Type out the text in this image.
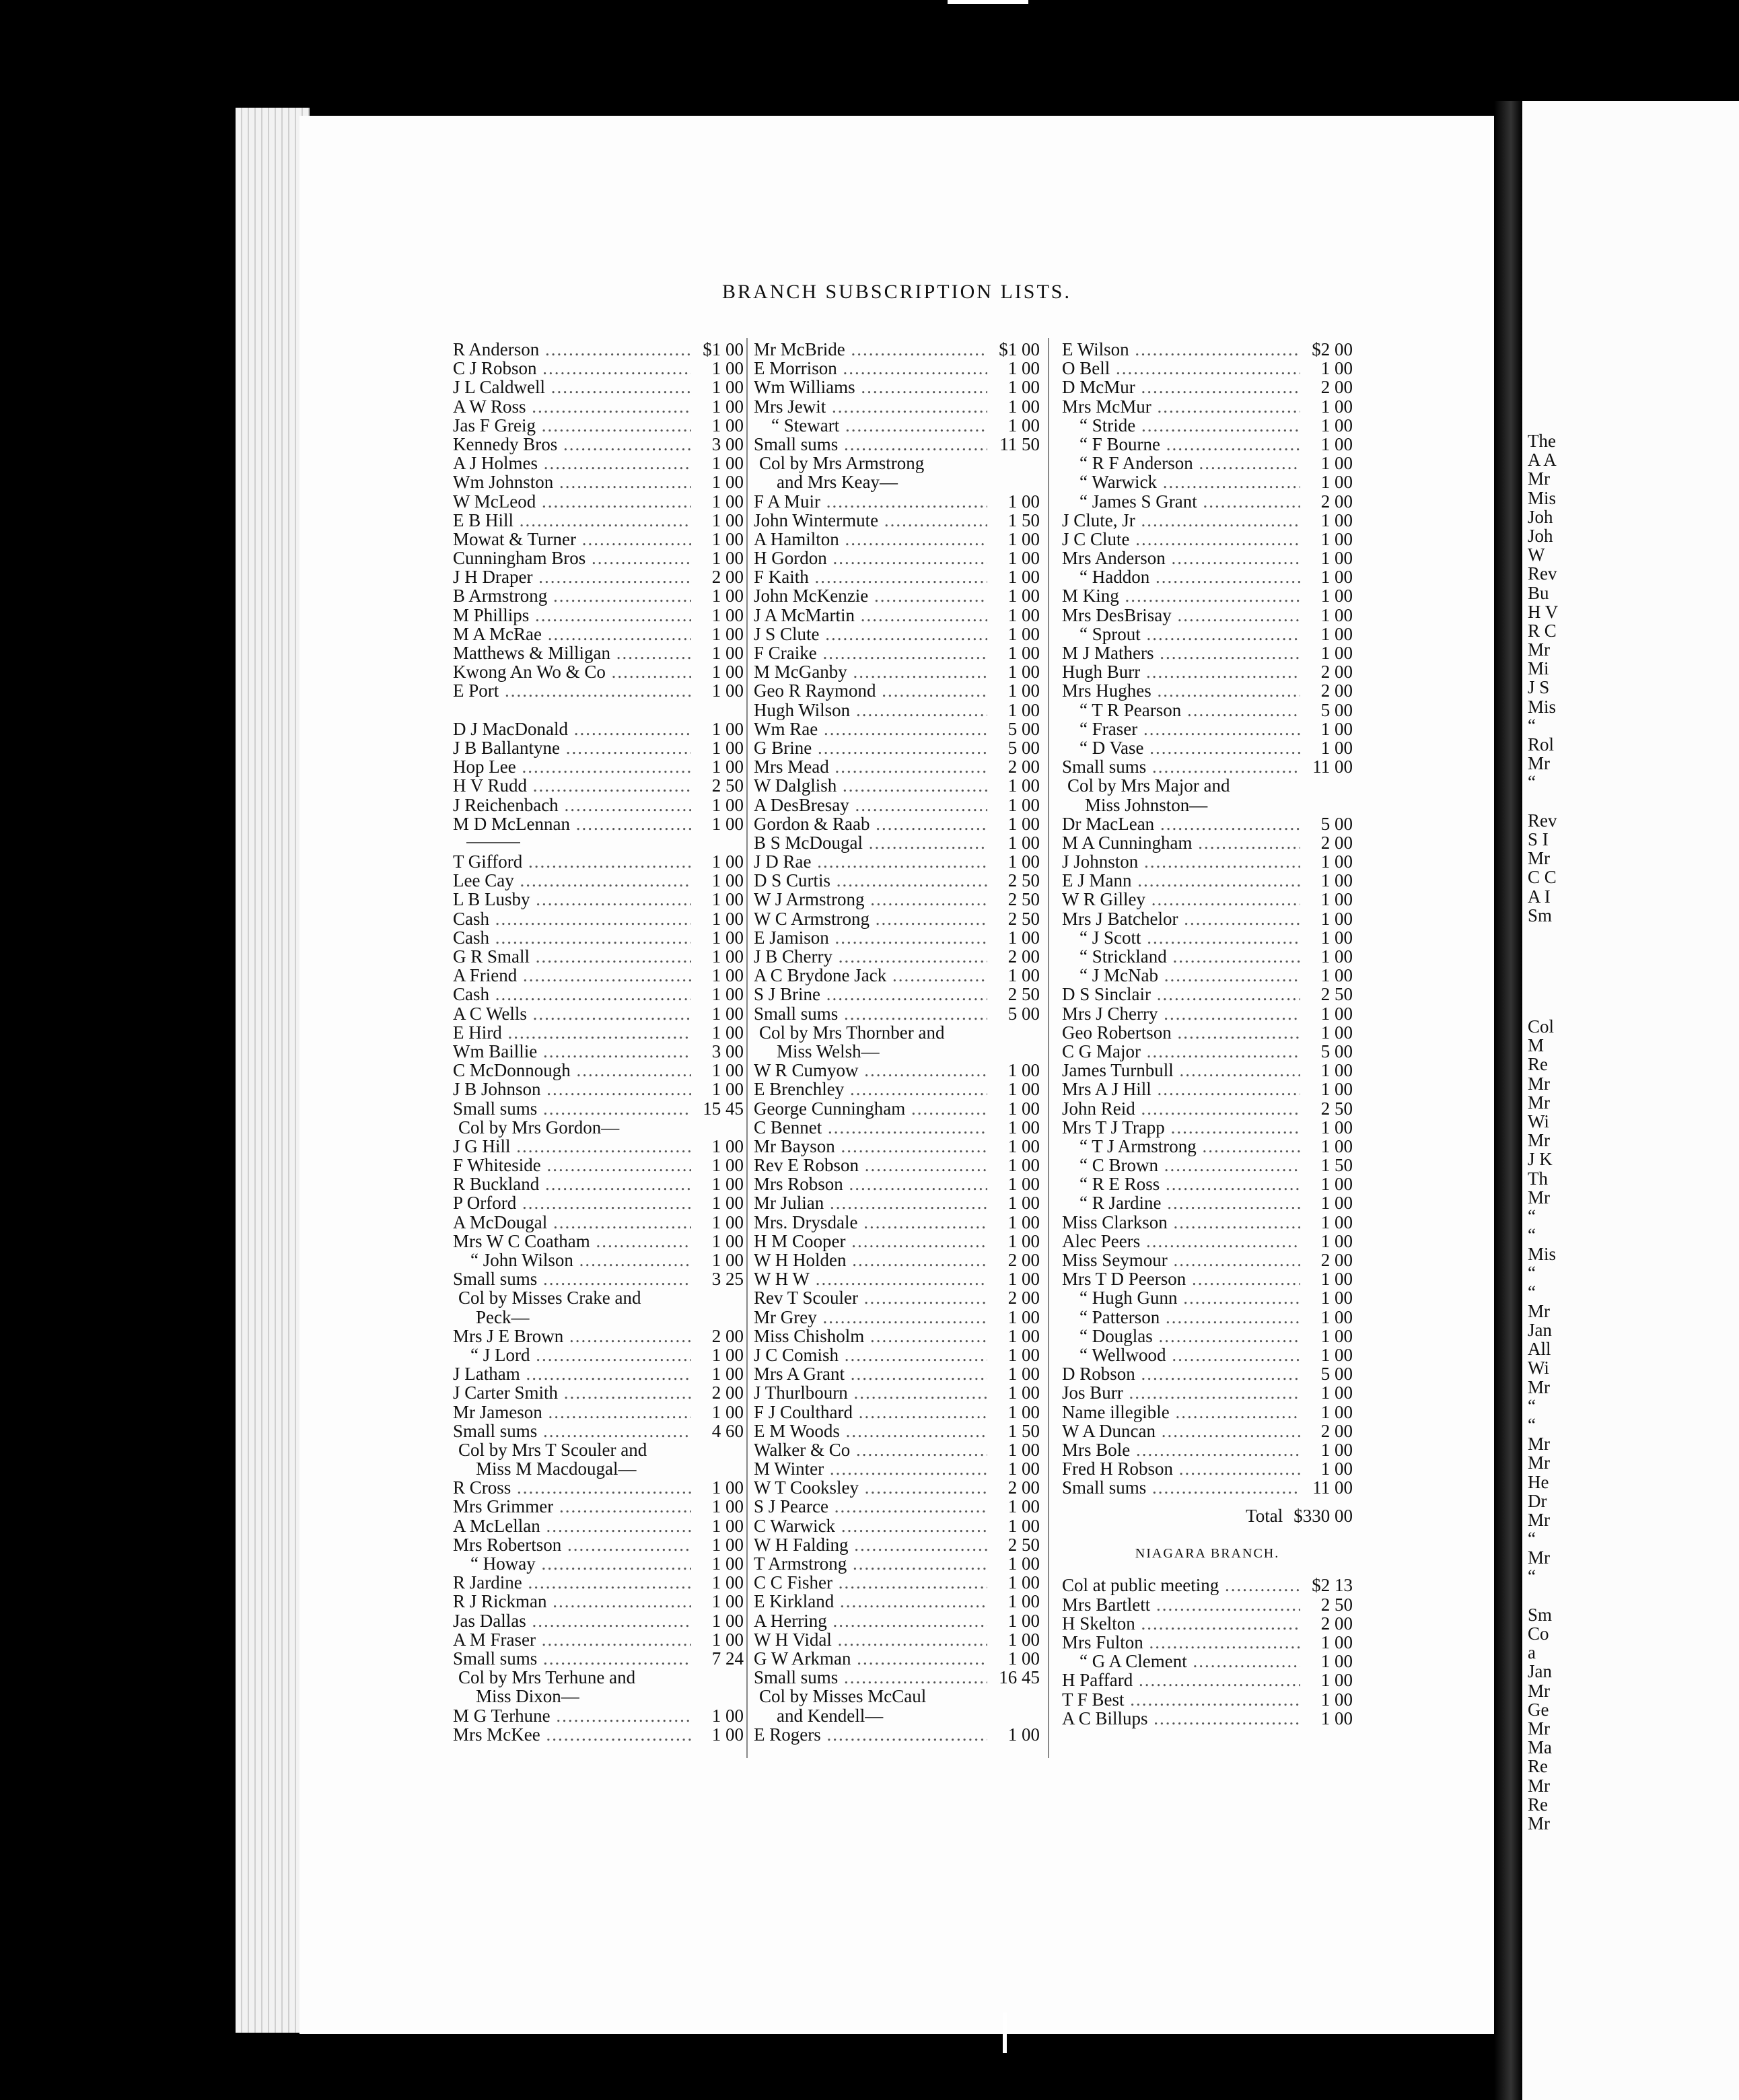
BRANCH SUBSCRIPTION LISTS.
R Anderson .....	$1 00
C J Robson .....	1 00
J L Caldwell .....	1 00
A W Ross .....	1 00
Jas F Greig .....	1 00
Kennedy Bros .....	3 00
A J Holmes .....	1 00
Wm Johnston .....	1 00
W McLeod .....	1 00
E B Hill .....	1 00
Mowat & Turner .....	1 00
Cunningham Bros .....	1 00
J H Draper .....	2 00
B Armstrong .....	1 00
M Phillips .....	1 00
M A McRae .....	1 00
Matthews & Milligan .....	1 00
Kwong An Wo & Co .....	1 00
E Port .....	1 00
D J MacDonald .....	1 00
J B Ballantyne .....	1 00
Hop Lee .....	1 00
H V Rudd .....	2 50
J Reichenbach .....	1 00
M D McLennan .....	1 00
T Gifford .....	1 00
Lee Cay .....	1 00
L B Lusby .....	1 00
Cash .....	1 00
Cash .....	1 00
G R Small .....	1 00
A Friend .....	1 00
Cash .....	1 00
A C Wells .....	1 00
E Hird .....	1 00
Wm Baillie .....	3 00
C McDonnough .....	1 00
J B Johnson .....	1 00
Small sums .....	15 45
Col by Mrs Gordon—
J G Hill .....	1 00
F Whiteside .....	1 00
R Buckland .....	1 00
P Orford .....	1 00
A McDougal .....	1 00
Mrs W C Coatham .....	1 00
“ John Wilson .....	1 00
Small sums .....	3 25
Col by Misses Crake and
Peck—
Mrs J E Brown .....	2 00
“ J Lord .....	1 00
J Latham .....	1 00
J Carter Smith .....	2 00
Mr Jameson .....	1 00
Small sums .....	4 60
Col by Mrs T Scouler and
Miss M Macdougal—
R Cross .....	1 00
Mrs Grimmer .....	1 00
A McLellan .....	1 00
Mrs Robertson .....	1 00
“ Howay .....	1 00
R Jardine .....	1 00
R J Rickman .....	1 00
Jas Dallas .....	1 00
A M Fraser .....	1 00
Small sums .....	7 24
Col by Mrs Terhune and
Miss Dixon—
M G Terhune .....	1 00
Mrs McKee .....	1 00
Mr McBride .....	$1 00
E Morrison .....	1 00
Wm Williams .....	1 00
Mrs Jewit .....	1 00
“ Stewart .....	1 00
Small sums .....	11 50
Col by Mrs Armstrong
and Mrs Keay—
F A Muir .....	1 00
John Wintermute .....	1 50
A Hamilton .....	1 00
H Gordon .....	1 00
F Kaith .....	1 00
John McKenzie .....	1 00
J A McMartin .....	1 00
J S Clute .....	1 00
F Craike .....	1 00
M McGanby .....	1 00
Geo R Raymond .....	1 00
Hugh Wilson .....	1 00
Wm Rae .....	5 00
G Brine .....	5 00
Mrs Mead .....	2 00
W Dalglish .....	1 00
A DesBresay .....	1 00
Gordon & Raab .....	1 00
B S McDougal .....	1 00
J D Rae .....	1 00
D S Curtis .....	2 50
W J Armstrong .....	2 50
W C Armstrong .....	2 50
E Jamison .....	1 00
J B Cherry .....	2 00
A C Brydone Jack .....	1 00
S J Brine .....	2 50
Small sums .....	5 00
Col by Mrs Thornber and
Miss Welsh—
W R Cumyow .....	1 00
E Brenchley .....	1 00
George Cunningham .....	1 00
C Bennet .....	1 00
Mr Bayson .....	1 00
Rev E Robson .....	1 00
Mrs Robson .....	1 00
Mr Julian .....	1 00
Mrs. Drysdale .....	1 00
H M Cooper .....	1 00
W H Holden .....	2 00
W H W .....	1 00
Rev T Scouler .....	2 00
Mr Grey .....	1 00
Miss Chisholm .....	1 00
J C Comish .....	1 00
Mrs A Grant .....	1 00
J Thurlbourn .....	1 00
F J Coulthard .....	1 00
E M Woods .....	1 50
Walker & Co .....	1 00
M Winter .....	1 00
W T Cooksley .....	2 00
S J Pearce .....	1 00
C Warwick .....	1 00
W H Falding .....	2 50
T Armstrong .....	1 00
C C Fisher .....	1 00
E Kirkland .....	1 00
A Herring .....	1 00
W H Vidal .....	1 00
G W Arkman .....	1 00
Small sums .....	16 45
Col by Misses McCaul
and Kendell—
E Rogers .....	1 00
E Wilson .....	$2 00
O Bell .....	1 00
D McMur .....	2 00
Mrs McMur .....	1 00
“ Stride .....	1 00
“ F Bourne .....	1 00
“ R F Anderson .....	1 00
“ Warwick .....	1 00
“ James S Grant .....	2 00
J Clute, Jr .....	1 00
J C Clute .....	1 00
Mrs Anderson .....	1 00
“ Haddon .....	1 00
M King .....	1 00
Mrs DesBrisay .....	1 00
“ Sprout .....	1 00
M J Mathers .....	1 00
Hugh Burr .....	2 00
Mrs Hughes .....	2 00
“ T R Pearson .....	5 00
“ Fraser .....	1 00
“ D Vase .....	1 00
Small sums .....	11 00
Col by Mrs Major and
Miss Johnston—
Dr MacLean .....	5 00
M A Cunningham .....	2 00
J Johnston .....	1 00
E J Mann .....	1 00
W R Gilley .....	1 00
Mrs J Batchelor .....	1 00
“ J Scott .....	1 00
“ Strickland .....	1 00
“ J McNab .....	1 00
D S Sinclair .....	2 50
Mrs J Cherry .....	1 00
Geo Robertson .....	1 00
C G Major .....	5 00
James Turnbull .....	1 00
Mrs A J Hill .....	1 00
John Reid .....	2 50
Mrs T J Trapp .....	1 00
“ T J Armstrong .....	1 00
“ C Brown .....	1 50
“ R E Ross .....	1 00
“ R Jardine .....	1 00
Miss Clarkson .....	1 00
Alec Peers .....	1 00
Miss Seymour .....	2 00
Mrs T D Peerson .....	1 00
“ Hugh Gunn .....	1 00
“ Patterson .....	1 00
“ Douglas .....	1 00
“ Wellwood .....	1 00
D Robson .....	5 00
Jos Burr .....	1 00
Name illegible .....	1 00
W A Duncan .....	2 00
Mrs Bole .....	1 00
Fred H Robson .....	1 00
Small sums .....	11 00
Total $330 00
NIAGARA BRANCH.
Col at public meeting .....	$2 13
Mrs Bartlett .....	2 50
H Skelton .....	2 00
Mrs Fulton .....	1 00
“ G A Clement .....	1 00
H Paffard .....	1 00
T F Best .....	1 00
A C Billups .....	1 00
The
A A
Mr
Mis
Joh
Joh
W
Rev
Bu
H V
R C
Mr
Mi
J S
Mis
“
Rol
Mr
“
Rev
S I
Mr
C C
A I
Sm
Col
M
Re
Mr
Mr
Wi
Mr
J K
Th
Mr
“
“
Mis
“
“
Mr
Jan
All
Wi
Mr
“
“
Mr
Mr
He
Dr
Mr
“
Mr
“
Sm
Co
a
Jan
Mr
Ge
Mr
Ma
Re
Mr
Re
Mr
